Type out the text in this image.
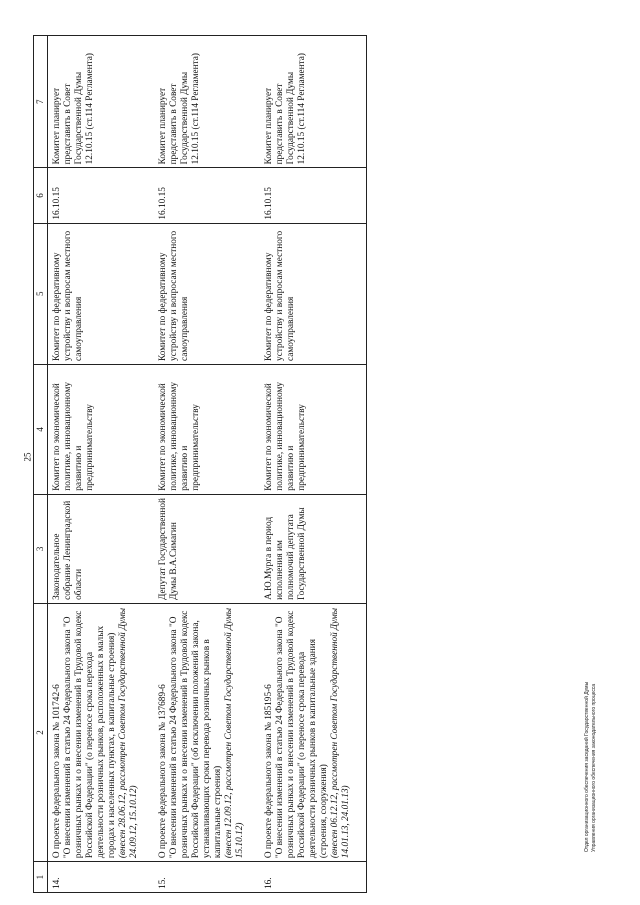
25
1	2	3	4	5	6	7
14.	О проекте федерального закона № 101742-6 "О внесении изменений в статью 24 Федерального закона "О розничных рынках и о внесении изменений в Трудовой кодекс Российской Федерации" (о переносе срока перехода деятельности розничных рынков, расположенных в малых городах и населенных пунктах, в капитальные строения) (внесен 28.06.12, рассмотрен Советом Государственной Думы 24.09.12, 15.10.12)	Законодательное собрание Ленинградской области	Комитет по экономической политике, инновационному развитию и предпринимательству	Комитет по федеративному устройству и вопросам местного самоуправления	16.10.15	Комитет планирует представить в Совет Государственной Думы 12.10.15 (ст.114 Регламента)
15.	О проекте федерального закона № 137689-6 "О внесении изменений в статью 24 Федерального закона "О розничных рынках и о внесении изменений в Трудовой кодекс Российской Федерации" (об исключении положений закона, устанавливающих сроки перевода розничных рынков в капитальные строения) (внесен 12.09.12, рассмотрен Советом Государственной Думы 15.10.12)	Депутат Государственной Думы В.А.Симагин	Комитет по экономической политике, инновационному развитию и предпринимательству	Комитет по федеративному устройству и вопросам местного самоуправления	16.10.15	Комитет планирует представить в Совет Государственной Думы 12.10.15 (ст.114 Регламента)
16.	О проекте федерального закона № 185195-6 "О внесении изменений в статью 24 Федерального закона "О розничных рынках и о внесении изменений в Трудовой кодекс Российской Федерации" (о переносе срока перевода деятельности розничных рынков в капитальные здания (строения, сооружения) (внесен 06.12.12, рассмотрен Советом Государственной Думы 14.01.13, 24.01.13)	А.Ю.Мурга в период исполнения им полномочий депутата Государственной Думы	Комитет по экономической политике, инновационному развитию и предпринимательству	Комитет по федеративному устройству и вопросам местного самоуправления	16.10.15	Комитет планирует представить в Совет Государственной Думы 12.10.15 (ст.114 Регламента)
Отдел организационного обеспечения заседаний Государственной Думы Управления организационного обеспечения законодательного процесса
